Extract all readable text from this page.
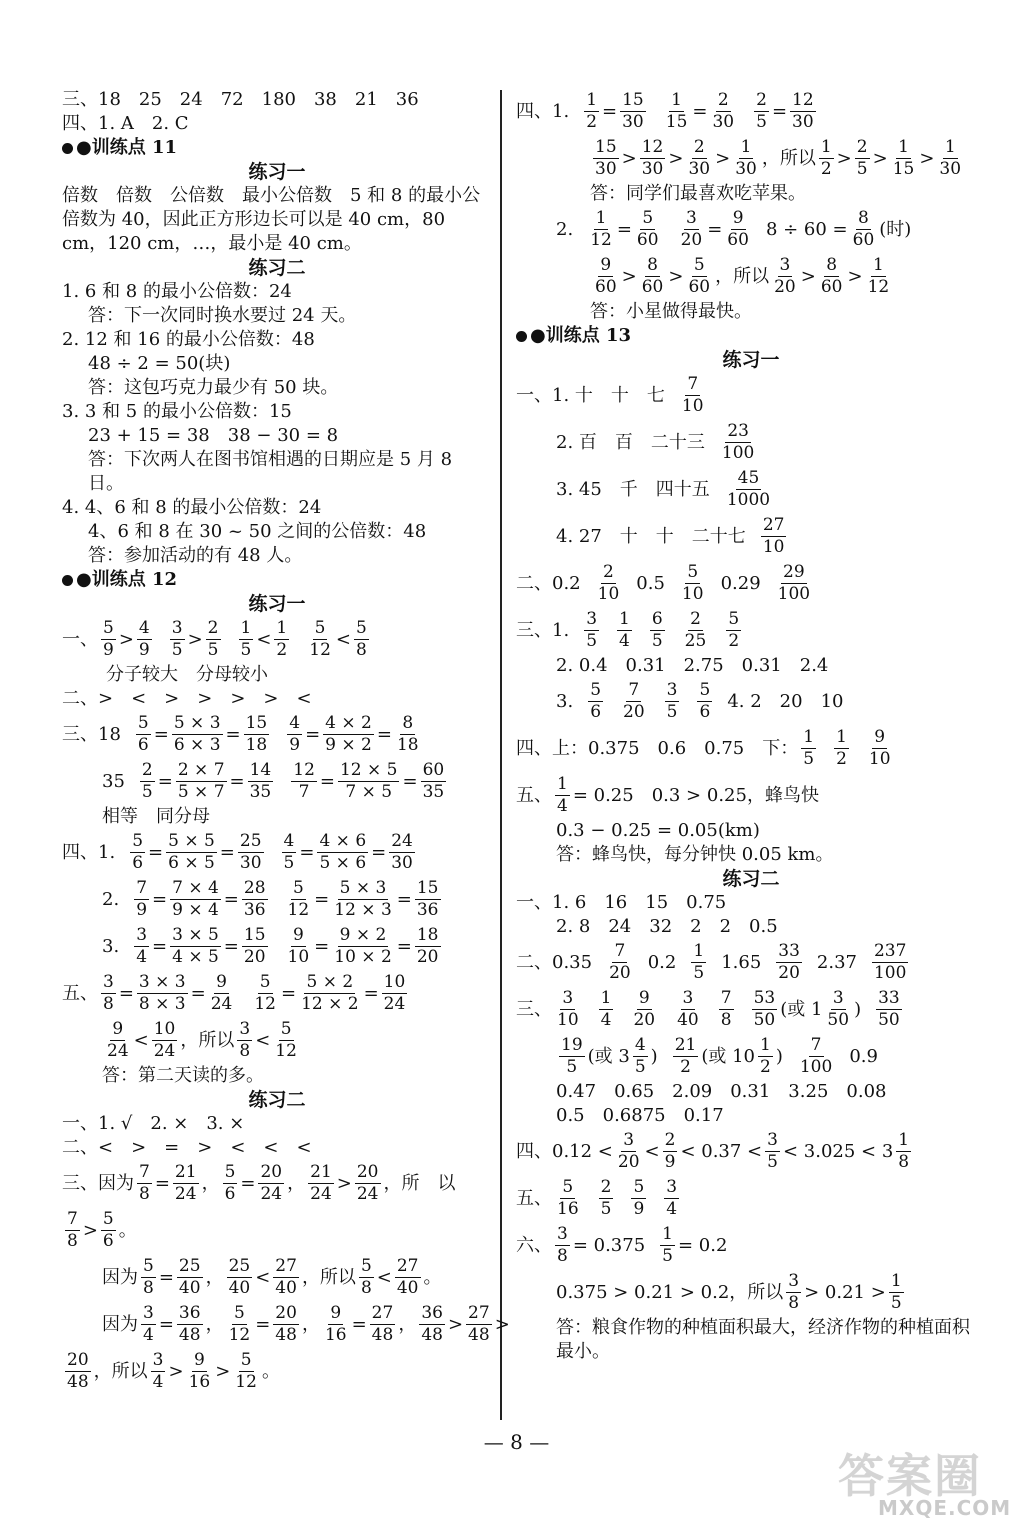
三、18　25　24　72　180　38　21　36
四、1. A　2. C
●训练点 11
练习一
倍数　倍数　公倍数　最小公倍数　5 和 8 的最小公倍数为 40，因此正方形边长可以是 40 cm，80 cm，120 cm，…，最小是 40 cm。
练习二
1. 6 和 8 的最小公倍数：24
答：下一次同时换水要过 24 天。
2. 12 和 16 的最小公倍数：48
48 ÷ 2 = 50(块)
答：这包巧克力最少有 50 块。
3. 3 和 5 的最小公倍数：15
23 + 15 = 38　38 − 30 = 8
答：下次两人在图书馆相遇的日期应是 5 月 8 日。
4. 4、6 和 8 的最小公倍数：24
4、6 和 8 在 30 ~ 50 之间的公倍数：48
答：参加活动的有 48 人。
●训练点 12
练习一
一、 $\frac{5}{9} > \frac{4}{9} \frac{3}{5} > \frac{2}{5} \frac{1}{5} < \frac{1}{2} \frac{5}{12} < \frac{5}{8}$
分子较大　分母较小
二、>　<　>　>　>　>　<
三、$18 \frac{5}{6} = \frac{5 \times 3}{6 \times 3} = \frac{15}{18} \frac{4}{9} = \frac{4 \times 2}{9 \times 2} = \frac{8}{18}$
$35 \frac{2}{5} = \frac{2 \times 7}{5 \times 7} = \frac{14}{35} \frac{12}{7} = \frac{12 \times 5}{7 \times 5} = \frac{60}{35}$
相等　同分母
四、1. $\frac{5}{6} = \frac{5 \times 5}{6 \times 5} = \frac{25}{30} \frac{4}{5} = \frac{4 \times 6}{5 \times 6} = \frac{24}{30}$
2. $\frac{7}{9} = \frac{7 \times 4}{9 \times 4} = \frac{28}{36} \frac{5}{12} = \frac{5 \times 3}{12 \times 3} = \frac{15}{36}$
3. $\frac{3}{4} = \frac{3 \times 5}{4 \times 5} = \frac{15}{20} \frac{9}{10} = \frac{9 \times 2}{10 \times 2} = \frac{18}{20}$
五、 $\frac{3}{8} = \frac{3 \times 3}{8 \times 3} = \frac{9}{24} \frac{5}{12} = \frac{5 \times 2}{12 \times 2} = \frac{10}{24}$
$\frac{9}{24} < \frac{10}{24}$ ，所以 $\frac{3}{8} < \frac{5}{12}$
答：第二天读的多。
练习二
一、1. √　2. ×　3. ×
二、<　>　=　>　<　<　<
三、因为 $\frac{7}{8} = \frac{21}{24}$ ， $\frac{5}{6} = \frac{20}{24}$ ， $\frac{21}{24} > \frac{20}{24}$ ，所　以
$\frac{7}{8} > \frac{5}{6}$ 。
因为 $\frac{5}{8} = \frac{25}{40}$ ， $\frac{25}{40} < \frac{27}{40}$ ，所以 $\frac{5}{8} < \frac{27}{40}$ 。
因为 $\frac{3}{4} = \frac{36}{48}$ ， $\frac{5}{12} = \frac{20}{48}$ ， $\frac{9}{16} = \frac{27}{48}$ ， $\frac{36}{48} > \frac{27}{48}$ >
$\frac{20}{48}$ ，所以 $\frac{3}{4} > \frac{9}{16} > \frac{5}{12}$ 。
四、1. $\frac{1}{2} = \frac{15}{30} \frac{1}{15} = \frac{2}{30} \frac{2}{5} = \frac{12}{30}$
$\frac{15}{30} > \frac{12}{30} > \frac{2}{30} > \frac{1}{30}$ ，所以 $\frac{1}{2} > \frac{2}{5} > \frac{1}{15} > \frac{1}{30}$
答：同学们最喜欢吃苹果。
2. $\frac{1}{12} = \frac{5}{60} \frac{3}{20} = \frac{9}{60} 8 \div 60 = \frac{8}{60}$ (时)
$\frac{9}{60} > \frac{8}{60} > \frac{5}{60}$ ，所以 $\frac{3}{20} > \frac{8}{60} > \frac{1}{12}$
答：小星做得最快。
●训练点 13
练习一
一、1. 十　十　七 $\frac{7}{10}$
2. 百　百　二十三 $\frac{23}{100}$
3. 45　千　四十五 $\frac{45}{1000}$
4. 27　十　十　二十七 $\frac{27}{10}$
二、$0.2 \frac{2}{10} 0.5 \frac{5}{10} 0.29 \frac{29}{100}$
三、1. $\frac{3}{5} \frac{1}{4} \frac{6}{5} \frac{2}{25} \frac{5}{2}$
2. 0.4　0.31　2.75　0.31　2.4
3. $\frac{5}{6} \frac{7}{20} \frac{3}{5} \frac{5}{6} 4$. 2　20　10
四、上：0.375　0.6　0.75　下： $\frac{1}{5} \frac{1}{2} \frac{9}{10}$
五、 $\frac{1}{4} = 0.25$　0.3 > 0.25，蜂鸟快
0.3 − 0.25 = 0.05(km)
答：蜂鸟快，每分钟快 0.05 km。
练习二
一、1. 6　16　15　0.75
2. 8　24　32　2　2　0.5
二、$0.35 \frac{7}{20} 0.2 \frac{1}{5} 1.65 \frac{33}{20} 2.37 \frac{237}{100}$
三、 $\frac{3}{10} \frac{1}{4} \frac{9}{20} \frac{3}{40} \frac{7}{8} \frac{53}{50}$ (或 $1 \frac{3}{50}$ ) $\frac{33}{50}$
$\frac{19}{5}$ (或 $3 \frac{4}{5}$ ) $\frac{21}{2}$ (或 $10 \frac{1}{2}$ ) $\frac{7}{100} 0.9$
0.47　0.65　2.09　0.31　3.25　0.08
0.5　0.6875　0.17
四、$0.12 < \frac{3}{20} < \frac{2}{9} < 0.37 < \frac{3}{5} < 3.025 < 3 \frac{1}{8}$
五、 $\frac{5}{16} \frac{2}{5} \frac{5}{9} \frac{3}{4}$
六、 $\frac{3}{8} = 0.375 \frac{1}{5} = 0.2$
0.375 > 0.21 > 0.2，所以 $\frac{3}{8} > 0.21 > \frac{1}{5}$
答：粮食作物的种植面积最大，经济作物的种植面积最小。
— 8 —
答案圈
MXQE.COM
